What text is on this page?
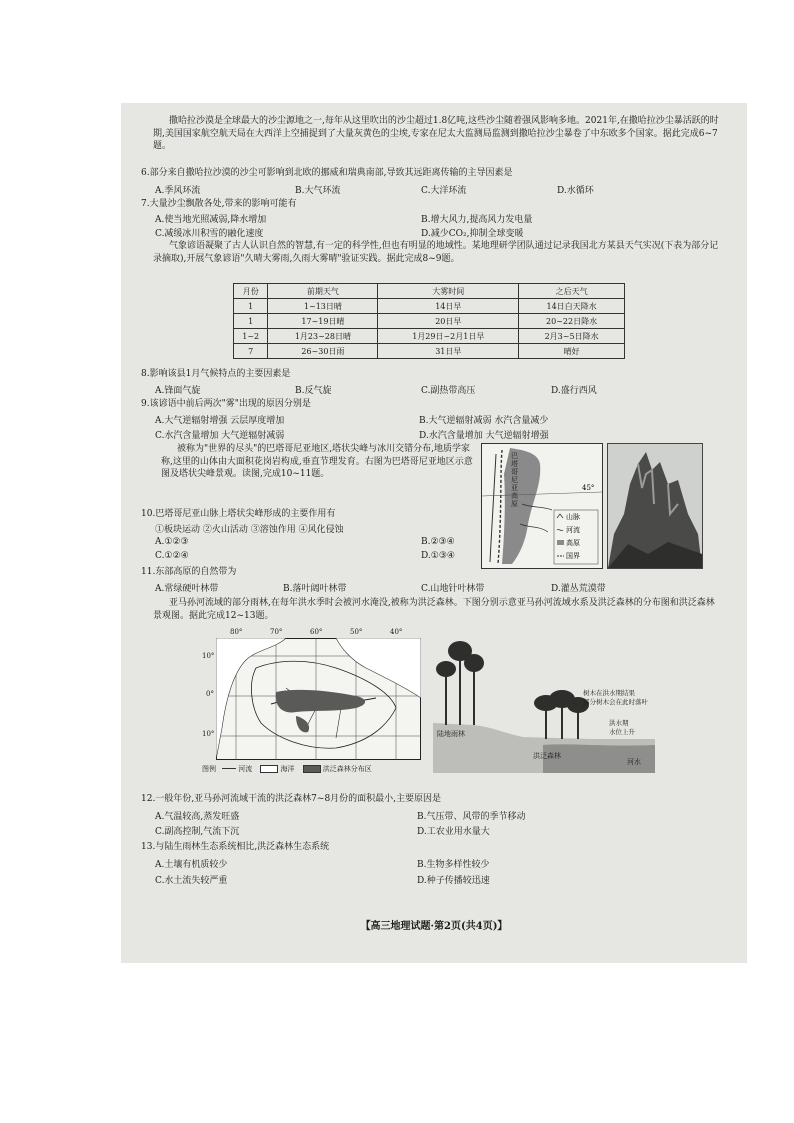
撒哈拉沙漠是全球最大的沙尘源地之一,每年从这里吹出的沙尘超过1.8亿吨,这些沙尘随着强风影响多地。2021年,在撒哈拉沙尘暴活跃的时期,美国国家航空航天局在大西洋上空捕捉到了大量灰黄色的尘埃,专家在尼太大监测局监测到撒哈拉沙尘暴卷了中东欧多个国家。据此完成6~7题。
6.部分来自撒哈拉沙漠的沙尘可影响到北欧的挪威和瑞典南部,导致其远距离传输的主导因素是
A.季风环流	B.大气环流	C.大洋环流	D.水循环
7.大量沙尘飘散各处,带来的影响可能有
A.使当地光照减弱,降水增加	B.增大风力,提高风力发电量
C.减缓冰川积雪的融化速度	D.减少CO₂,抑制全球变暖
气象谚语凝聚了古人认识自然的智慧,有一定的科学性,但也有明显的地域性。某地理研学团队通过记录我国北方某县天气实况(下表为部分记录摘取),开展气象谚语"久晴大雾雨,久雨大雾晴"验证实践。据此完成8~9题。
月份	前期天气	大雾时间	之后天气
1	1~13日晴	14日早	14日白天降水
1	17~19日晴	20日早	20~22日降水
1~2	1月23~28日晴	1月29日~2月1日早	2月3~5日降水
7	26~30日雨	31日早	晴好
8.影响该县1月气候特点的主要因素是
A.锋面气旋	B.反气旋	C.副热带高压	D.盛行西风
9.该谚语中前后两次"雾"出现的原因分别是
A.大气逆辐射增强 云层厚度增加	B.大气逆辐射减弱 水汽含量减少
C.水汽含量增加 大气逆辐射减弱	D.水汽含量增加 大气逆辐射增强
被称为"世界的尽头"的巴塔哥尼亚地区,塔状尖峰与冰川交错分布,地质学家称,这里的山体由大面积花岗岩构成,垂直节理发育。右图为巴塔哥尼亚地区示意图及塔状尖峰景观。读图,完成10~11题。
山脉
河流
高原
国界
45°
巴塔哥尼亚高原
10.巴塔哥尼亚山脉上塔状尖峰形成的主要作用有
①板块运动 ②火山活动 ③溶蚀作用 ④风化侵蚀
A.①②③	B.②③④
C.①②④	D.①③④
11.东部高原的自然带为
A.常绿硬叶林带	B.落叶阔叶林带	C.山地针叶林带	D.灌丛荒漠带
亚马孙河流域的部分雨林,在每年洪水季时会被河水淹没,被称为洪泛森林。下图分别示意亚马孙河流域水系及洪泛森林的分布图和洪泛森林景观图。据此完成12~13题。
80°	70°	60°	50°	40°
10°
0°
10°
图例	河流	海洋	洪泛森林分布区
陆地雨林
洪泛森林
树木在洪水期结果
部分树木会在此时落叶
洪水期
水位上升
河水
12.一般年份,亚马孙河流域干流的洪泛森林7~8月份的面积最小,主要原因是
A.气温较高,蒸发旺盛	B.气压带、风带的季节移动
C.副高控制,气流下沉	D.工农业用水量大
13.与陆生雨林生态系统相比,洪泛森林生态系统
A.土壤有机质较少	B.生物多样性较少
C.水土流失较严重	D.种子传播较迅速
【高三地理试题·第2页(共4页)】
